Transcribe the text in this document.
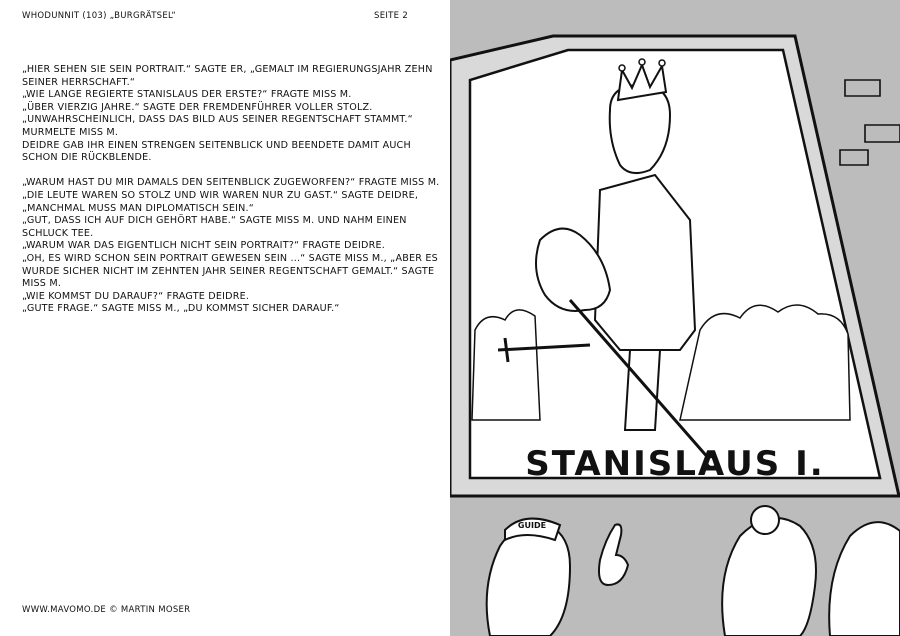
WHODUNNIT (103) „BURGRÄTSEL“	SEITE 2

„HIER SEHEN SIE SEIN PORTRAIT.“ SAGTE ER, „GEMALT IM REGIERUNGSJAHR ZEHN SEINER HERRSCHAFT.“

„WIE LANGE REGIERTE STANISLAUS DER ERSTE?“ FRAGTE MISS M.

„ÜBER VIERZIG JAHRE.“ SAGTE DER FREMDENFÜHRER VOLLER STOLZ.

„UNWAHRSCHEINLICH, DASS DAS BILD AUS SEINER REGENTSCHAFT STAMMT.“ MURMELTE MISS M.

DEIDRE GAB IHR EINEN STRENGEN SEITENBLICK UND BEENDETE DAMIT AUCH SCHON DIE RÜCKBLENDE.

„WARUM HAST DU MIR DAMALS DEN SEITENBLICK ZUGEWORFEN?“ FRAGTE MISS M.

„DIE LEUTE WAREN SO STOLZ UND WIR WAREN NUR ZU GAST.“ SAGTE DEIDRE, „MANCHMAL MUSS MAN DIPLOMATISCH SEIN.“

„GUT, DASS ICH AUF DICH GEHÖRT HABE.“ SAGTE MISS M. UND NAHM EINEN SCHLUCK TEE.

„WARUM WAR DAS EIGENTLICH NICHT SEIN PORTRAIT?“ FRAGTE DEIDRE.

„OH, ES WIRD SCHON SEIN PORTRAIT GEWESEN SEIN ...“ SAGTE MISS M., „ABER ES WURDE SICHER NICHT IM ZEHNTEN JAHR SEINER REGENTSCHAFT GEMALT.“ SAGTE MISS M.

„WIE KOMMST DU DARAUF?“ FRAGTE DEIDRE.

„GUTE FRAGE.“ SAGTE MISS M., „DU KOMMST SICHER DARAUF.“

WWW.MAVOMO.DE © MARTIN MOSER
STANISLAUS I.
GUIDE
